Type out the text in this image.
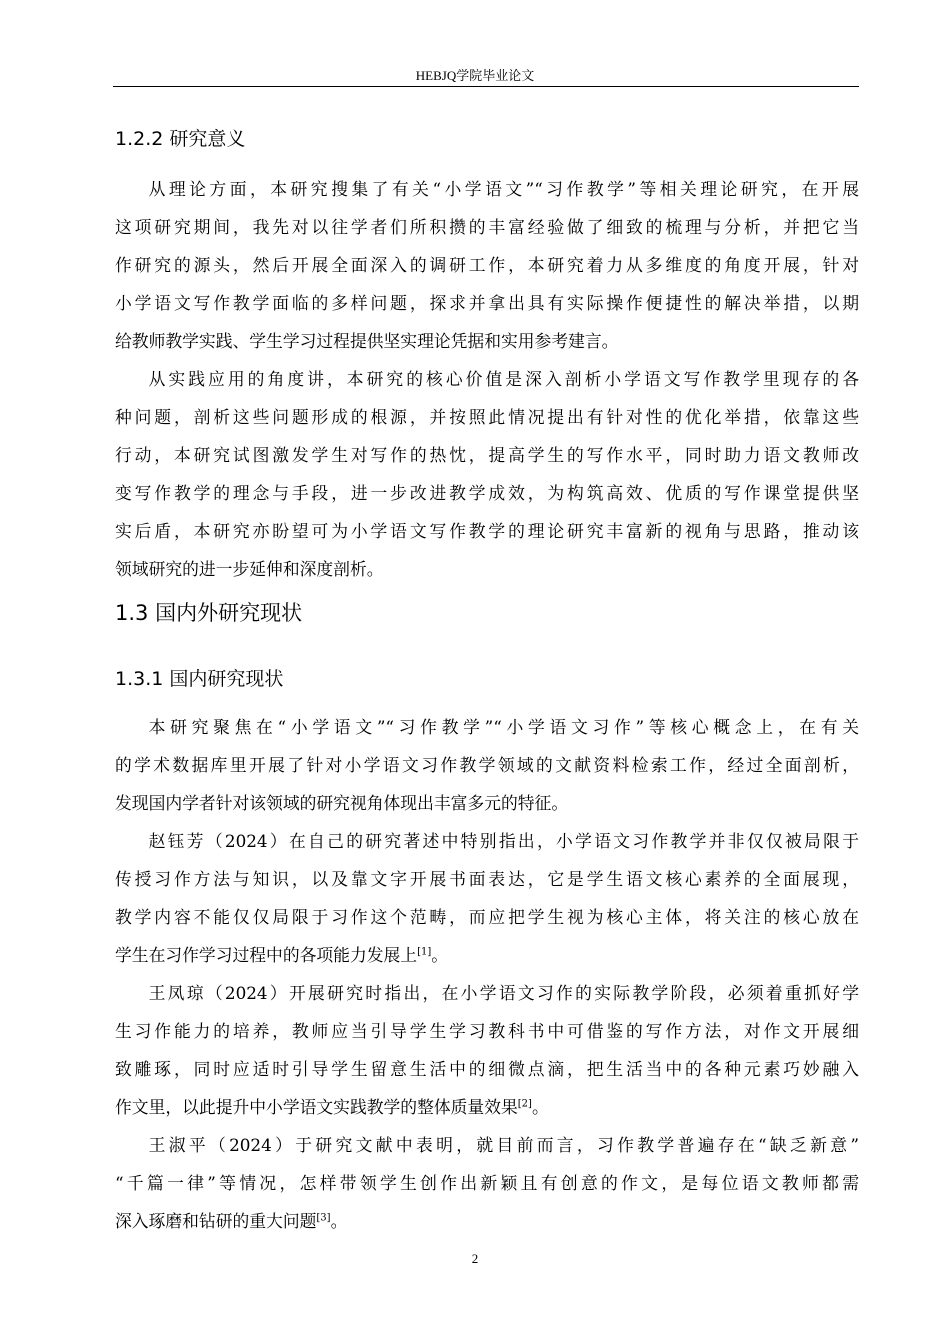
HEBJQ学院毕业论文
1.2.2 研究意义
从理论方面，本研究搜集了有关“小学语文”“习作教学”等相关理论研究，在开展
这项研究期间，我先对以往学者们所积攒的丰富经验做了细致的梳理与分析，并把它当
作研究的源头，然后开展全面深入的调研工作，本研究着力从多维度的角度开展，针对
小学语文写作教学面临的多样问题，探求并拿出具有实际操作便捷性的解决举措，以期
给教师教学实践、学生学习过程提供坚实理论凭据和实用参考建言。
从实践应用的角度讲，本研究的核心价值是深入剖析小学语文写作教学里现存的各
种问题，剖析这些问题形成的根源，并按照此情况提出有针对性的优化举措，依靠这些
行动，本研究试图激发学生对写作的热忱，提高学生的写作水平，同时助力语文教师改
变写作教学的理念与手段，进一步改进教学成效，为构筑高效、优质的写作课堂提供坚
实后盾，本研究亦盼望可为小学语文写作教学的理论研究丰富新的视角与思路，推动该
领域研究的进一步延伸和深度剖析。
1.3 国内外研究现状
1.3.1 国内研究现状
本研究聚焦在“小学语文”“习作教学”“小学语文习作”等核心概念上，在有关
的学术数据库里开展了针对小学语文习作教学领域的文献资料检索工作，经过全面剖析，
发现国内学者针对该领域的研究视角体现出丰富多元的特征。
赵钰芳（2024）在自己的研究著述中特别指出，小学语文习作教学并非仅仅被局限于
传授习作方法与知识，以及靠文字开展书面表达，它是学生语文核心素养的全面展现，
教学内容不能仅仅局限于习作这个范畴，而应把学生视为核心主体，将关注的核心放在
学生在习作学习过程中的各项能力发展上[1]。
王凤琼（2024）开展研究时指出，在小学语文习作的实际教学阶段，必须着重抓好学
生习作能力的培养，教师应当引导学生学习教科书中可借鉴的写作方法，对作文开展细
致雕琢，同时应适时引导学生留意生活中的细微点滴，把生活当中的各种元素巧妙融入
作文里，以此提升中小学语文实践教学的整体质量效果[2]。
王淑平（2024）于研究文献中表明，就目前而言，习作教学普遍存在“缺乏新意”
“千篇一律”等情况，怎样带领学生创作出新颖且有创意的作文，是每位语文教师都需
深入琢磨和钻研的重大问题[3]。
2
